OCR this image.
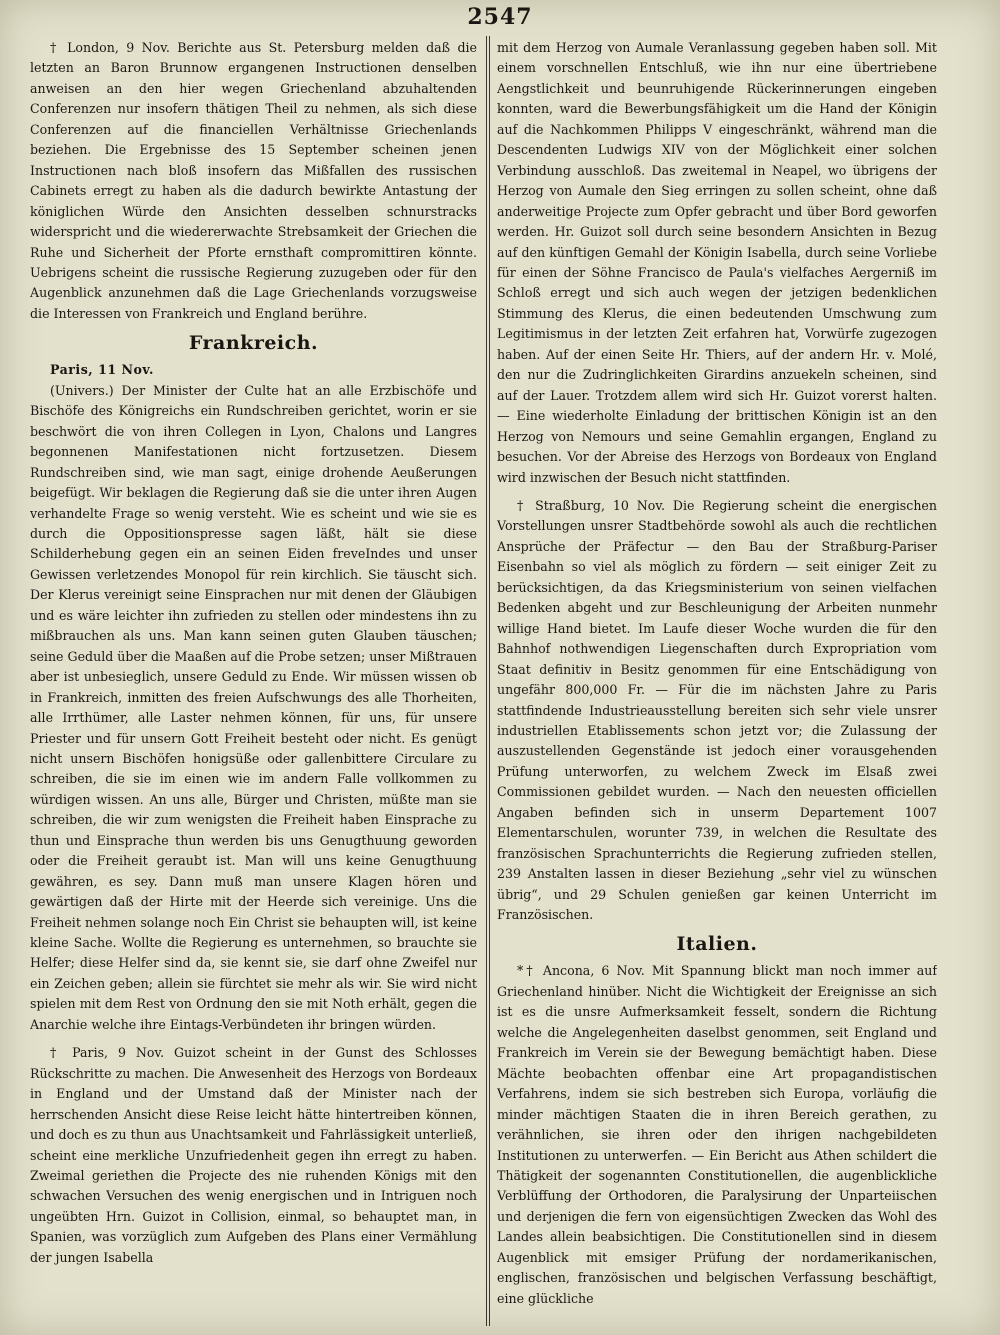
2547

† London, 9 Nov. Berichte aus St. Petersburg melden daß die letzten an Baron Brunnow ergangenen Instructionen denselben anweisen an den hier wegen Griechenland abzuhaltenden Conferenzen nur insofern thätigen Theil zu nehmen, als sich diese Conferenzen auf die financiellen Verhältnisse Griechenlands beziehen. Die Ergebnisse des 15 September scheinen jenen Instructionen nach bloß insofern das Mißfallen des russischen Cabinets erregt zu haben als die dadurch bewirkte Antastung der königlichen Würde den Ansichten desselben schnurstracks widerspricht und die wiedererwachte Strebsamkeit der Griechen die Ruhe und Sicherheit der Pforte ernsthaft compromittiren könnte. Uebrigens scheint die russische Regierung zuzugeben oder für den Augenblick anzunehmen daß die Lage Griechenlands vorzugsweise die Interessen von Frankreich und England berühre.

Frankreich.

Paris, 11 Nov.

(Univers.) Der Minister der Culte hat an alle Erzbischöfe und Bischöfe des Königreichs ein Rundschreiben gerichtet, worin er sie beschwört die von ihren Collegen in Lyon, Chalons und Langres begonnenen Manifestationen nicht fortzusetzen. Diesem Rundschreiben sind, wie man sagt, einige drohende Aeußerungen beigefügt. Wir beklagen die Regierung daß sie die unter ihren Augen verhandelte Frage so wenig versteht. Wie es scheint und wie sie es durch die Oppositionspresse sagen läßt, hält sie diese Schilderhebung gegen ein an seinen Eiden freveIndes und unser Gewissen verletzendes Monopol für rein kirchlich. Sie täuscht sich. Der Klerus vereinigt seine Einsprachen nur mit denen der Gläubigen und es wäre leichter ihn zufrieden zu stellen oder mindestens ihn zu mißbrauchen als uns. Man kann seinen guten Glauben täuschen; seine Geduld über die Maaßen auf die Probe setzen; unser Mißtrauen aber ist unbesieglich, unsere Geduld zu Ende. Wir müssen wissen ob in Frankreich, inmitten des freien Aufschwungs des alle Thorheiten, alle Irrthümer, alle Laster nehmen können, für uns, für unsere Priester und für unsern Gott Freiheit besteht oder nicht. Es genügt nicht unsern Bischöfen honigsüße oder gallenbittere Circulare zu schreiben, die sie im einen wie im andern Falle vollkommen zu würdigen wissen. An uns alle, Bürger und Christen, müßte man sie schreiben, die wir zum wenigsten die Freiheit haben Einsprache zu thun und Einsprache thun werden bis uns Genugthuung geworden oder die Freiheit geraubt ist. Man will uns keine Genugthuung gewähren, es sey. Dann muß man unsere Klagen hören und gewärtigen daß der Hirte mit der Heerde sich vereinige. Uns die Freiheit nehmen solange noch Ein Christ sie behaupten will, ist keine kleine Sache. Wollte die Regierung es unternehmen, so brauchte sie Helfer; diese Helfer sind da, sie kennt sie, sie darf ohne Zweifel nur ein Zeichen geben; allein sie fürchtet sie mehr als wir. Sie wird nicht spielen mit dem Rest von Ordnung den sie mit Noth erhält, gegen die Anarchie welche ihre Eintags-Verbündeten ihr bringen würden.

† Paris, 9 Nov. Guizot scheint in der Gunst des Schlosses Rückschritte zu machen. Die Anwesenheit des Herzogs von Bordeaux in England und der Umstand daß der Minister nach der herrschenden Ansicht diese Reise leicht hätte hintertreiben können, und doch es zu thun aus Unachtsamkeit und Fahrlässigkeit unterließ, scheint eine merkliche Unzufriedenheit gegen ihn erregt zu haben. Zweimal geriethen die Projecte des nie ruhenden Königs mit den schwachen Versuchen des wenig energischen und in Intriguen noch ungeübten Hrn. Guizot in Collision, einmal, so behauptet man, in Spanien, was vorzüglich zum Aufgeben des Plans einer Vermählung der jungen Isabella

mit dem Herzog von Aumale Veranlassung gegeben haben soll. Mit einem vorschnellen Entschluß, wie ihn nur eine übertriebene Aengstlichkeit und beunruhigende Rückerinnerungen eingeben konnten, ward die Bewerbungsfähigkeit um die Hand der Königin auf die Nachkommen Philipps V eingeschränkt, während man die Descendenten Ludwigs XIV von der Möglichkeit einer solchen Verbindung ausschloß. Das zweitemal in Neapel, wo übrigens der Herzog von Aumale den Sieg erringen zu sollen scheint, ohne daß anderweitige Projecte zum Opfer gebracht und über Bord geworfen werden. Hr. Guizot soll durch seine besondern Ansichten in Bezug auf den künftigen Gemahl der Königin Isabella, durch seine Vorliebe für einen der Söhne Francisco de Paula's vielfaches Aergerniß im Schloß erregt und sich auch wegen der jetzigen bedenklichen Stimmung des Klerus, die einen bedeutenden Umschwung zum Legitimismus in der letzten Zeit erfahren hat, Vorwürfe zugezogen haben. Auf der einen Seite Hr. Thiers, auf der andern Hr. v. Molé, den nur die Zudringlichkeiten Girardins anzuekeln scheinen, sind auf der Lauer. Trotzdem allem wird sich Hr. Guizot vorerst halten. — Eine wiederholte Einladung der brittischen Königin ist an den Herzog von Nemours und seine Gemahlin ergangen, England zu besuchen. Vor der Abreise des Herzogs von Bordeaux von England wird inzwischen der Besuch nicht stattfinden.

† Straßburg, 10 Nov. Die Regierung scheint die energischen Vorstellungen unsrer Stadtbehörde sowohl als auch die rechtlichen Ansprüche der Präfectur — den Bau der Straßburg-Pariser Eisenbahn so viel als möglich zu fördern — seit einiger Zeit zu berücksichtigen, da das Kriegsministerium von seinen vielfachen Bedenken abgeht und zur Beschleunigung der Arbeiten nunmehr willige Hand bietet. Im Laufe dieser Woche wurden die für den Bahnhof nothwendigen Liegenschaften durch Expropriation vom Staat definitiv in Besitz genommen für eine Entschädigung von ungefähr 800,000 Fr. — Für die im nächsten Jahre zu Paris stattfindende Industrieausstellung bereiten sich sehr viele unsrer industriellen Etablissements schon jetzt vor; die Zulassung der auszustellenden Gegenstände ist jedoch einer vorausgehenden Prüfung unterworfen, zu welchem Zweck im Elsaß zwei Commissionen gebildet wurden. — Nach den neuesten officiellen Angaben befinden sich in unserm Departement 1007 Elementarschulen, worunter 739, in welchen die Resultate des französischen Sprachunterrichts die Regierung zufrieden stellen, 239 Anstalten lassen in dieser Beziehung „sehr viel zu wünschen übrig“, und 29 Schulen genießen gar keinen Unterricht im Französischen.

Italien.

*† Ancona, 6 Nov. Mit Spannung blickt man noch immer auf Griechenland hinüber. Nicht die Wichtigkeit der Ereignisse an sich ist es die unsre Aufmerksamkeit fesselt, sondern die Richtung welche die Angelegenheiten daselbst genommen, seit England und Frankreich im Verein sie der Bewegung bemächtigt haben. Diese Mächte beobachten offenbar eine Art propagandistischen Verfahrens, indem sie sich bestreben sich Europa, vorläufig die minder mächtigen Staaten die in ihren Bereich gerathen, zu verähnlichen, sie ihren oder den ihrigen nachgebildeten Institutionen zu unterwerfen. — Ein Bericht aus Athen schildert die Thätigkeit der sogenannten Constitutionellen, die augenblickliche Verblüffung der Orthodoren, die Paralysirung der Unparteiischen und derjenigen die fern von eigensüchtigen Zwecken das Wohl des Landes allein beabsichtigen. Die Constitutionellen sind in diesem Augenblick mit emsiger Prüfung der nordamerikanischen, englischen, französischen und belgischen Verfassung beschäftigt, eine glückliche
